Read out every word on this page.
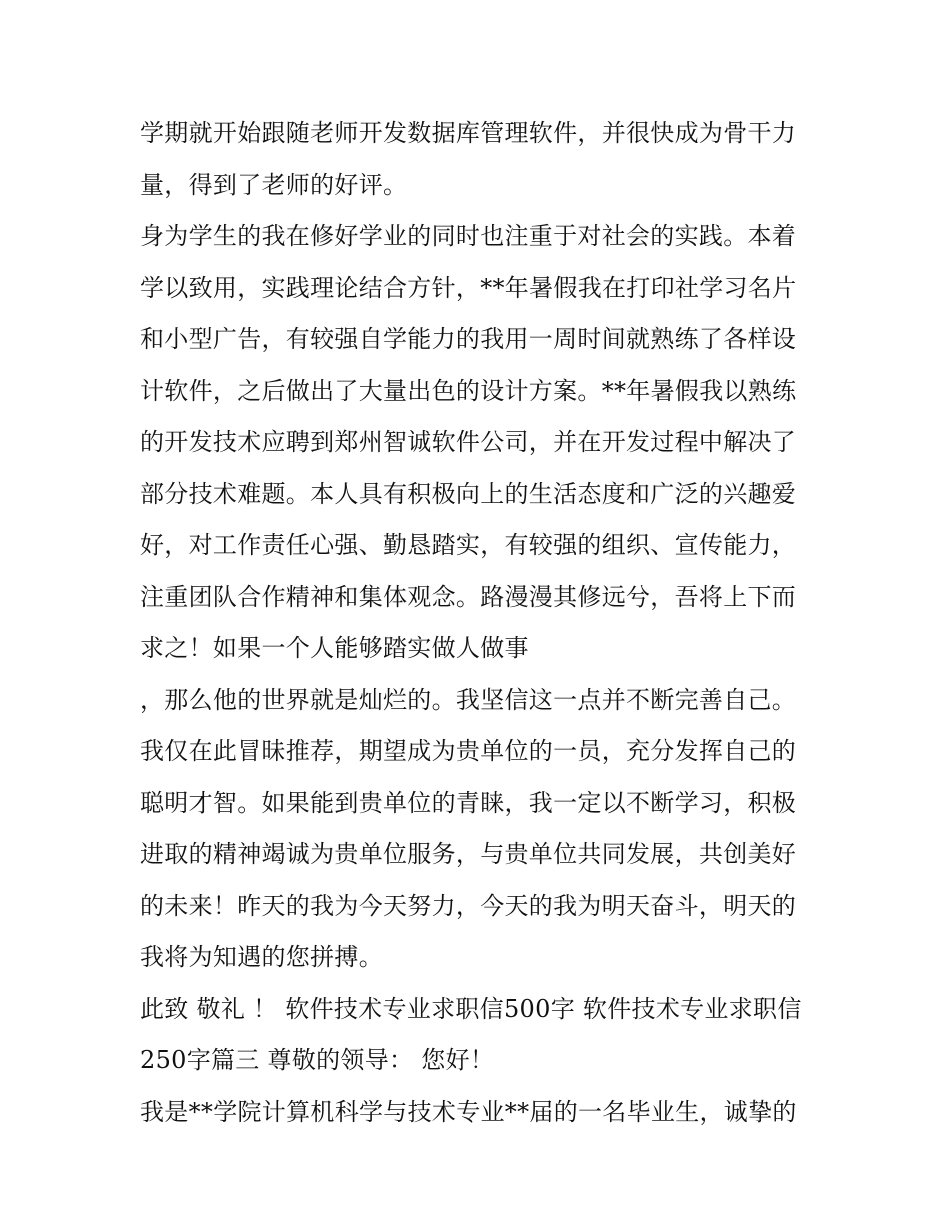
学期就开始跟随老师开发数据库管理软件，并很快成为骨干力
量，得到了老师的好评。
身为学生的我在修好学业的同时也注重于对社会的实践。本着
学以致用，实践理论结合方针，**年暑假我在打印社学习名片
和小型广告，有较强自学能力的我用一周时间就熟练了各样设
计软件，之后做出了大量出色的设计方案。**年暑假我以熟练
的开发技术应聘到郑州智诚软件公司，并在开发过程中解决了
部分技术难题。本人具有积极向上的生活态度和广泛的兴趣爱
好，对工作责任心强、勤恳踏实，有较强的组织、宣传能力，
注重团队合作精神和集体观念。路漫漫其修远兮，吾将上下而
求之！如果一个人能够踏实做人做事
，那么他的世界就是灿烂的。我坚信这一点并不断完善自己。
我仅在此冒昧推荐，期望成为贵单位的一员，充分发挥自己的
聪明才智。如果能到贵单位的青睐，我一定以不断学习，积极
进取的精神竭诚为贵单位服务，与贵单位共同发展，共创美好
的未来！昨天的我为今天努力，今天的我为明天奋斗，明天的
我将为知遇的您拼搏。
此致 敬礼 ！ 软件技术专业求职信500字 软件技术专业求职信
250字篇三 尊敬的领导： 您好！
我是**学院计算机科学与技术专业**届的一名毕业生，诚挚的
